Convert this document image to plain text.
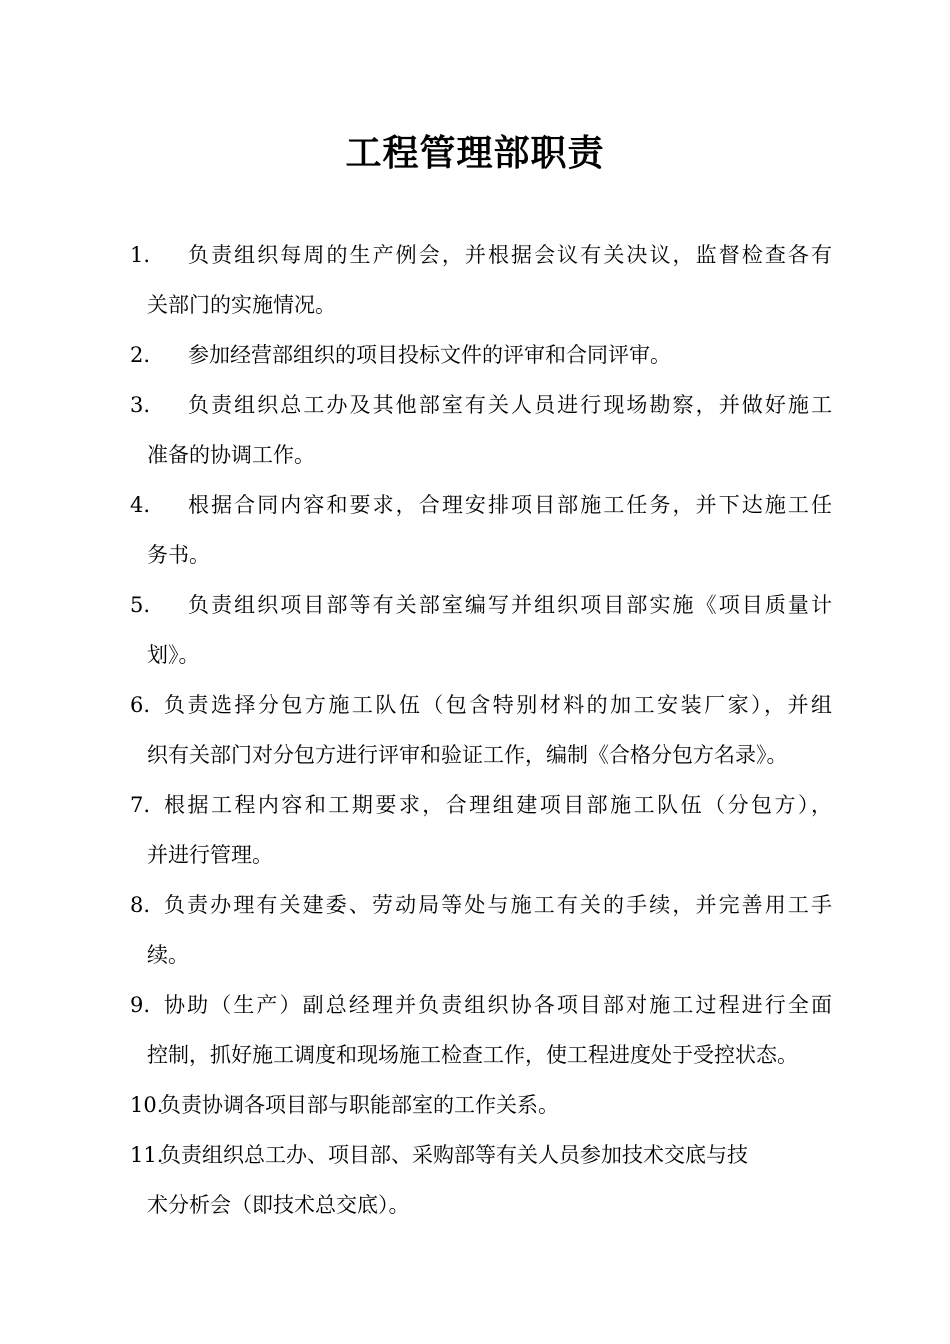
工程管理部职责
1.	负责组织每周的生产例会，并根据会议有关决议，监督检查各有
关部门的实施情况。
2.	参加经营部组织的项目投标文件的评审和合同评审。
3.	负责组织总工办及其他部室有关人员进行现场勘察，并做好施工
准备的协调工作。
4.	根据合同内容和要求，合理安排项目部施工任务，并下达施工任
务书。
5.	负责组织项目部等有关部室编写并组织项目部实施《项目质量计
划》。
6. 负责选择分包方施工队伍（包含特别材料的加工安装厂家），并组
织有关部门对分包方进行评审和验证工作，编制《合格分包方名录》。
7. 根据工程内容和工期要求，合理组建项目部施工队伍（分包方），
并进行管理。
8. 负责办理有关建委、劳动局等处与施工有关的手续，并完善用工手
续。
9. 协助（生产）副总经理并负责组织协各项目部对施工过程进行全面
控制，抓好施工调度和现场施工检查工作，使工程进度处于受控状态。
10.
负责协调各项目部与职能部室的工作关系。
11.
负责组织总工办、项目部、采购部等有关人员参加技术交底与技
术分析会（即技术总交底）。
